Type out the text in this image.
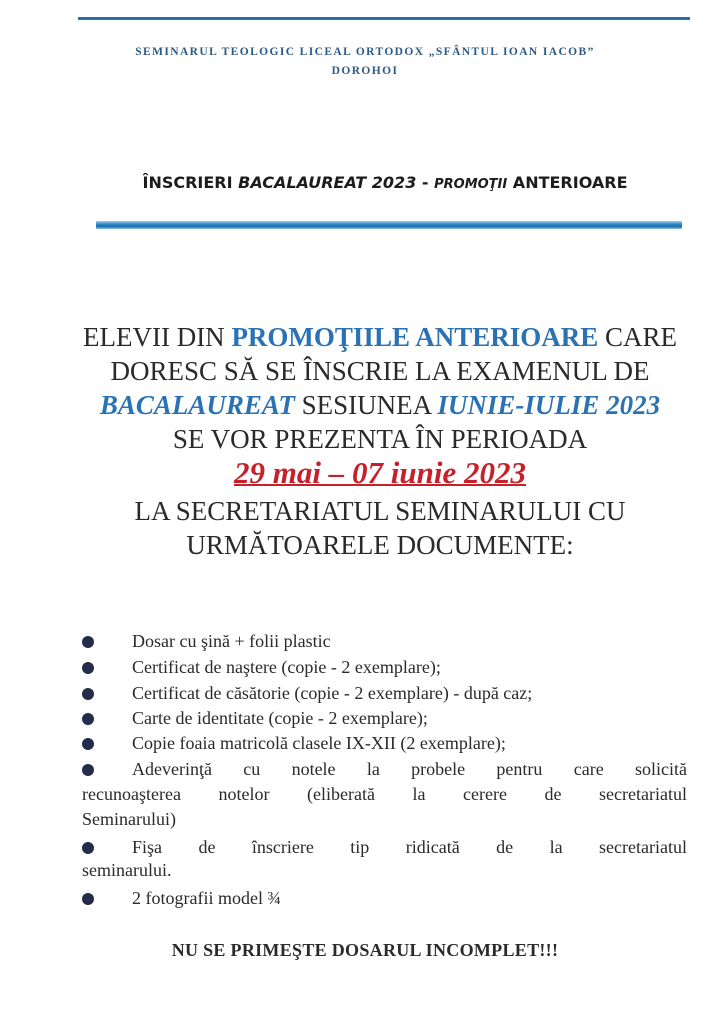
SEMINARUL TEOLOGIC LICEAL ORTODOX „SFÂNTUL IOAN IACOB”
DOROHOI
ÎNSCRIERI BACALAUREAT 2023 - PROMOŢII ANTERIOARE
ELEVII DIN PROMOŢIILE ANTERIOARE CARE
DORESC SĂ SE ÎNSCRIE LA EXAMENUL DE
BACALAUREAT SESIUNEA IUNIE-IULIE 2023
SE VOR PREZENTA ÎN PERIOADA
29 mai – 07 iunie 2023
LA SECRETARIATUL SEMINARULUI CU
URMĂTOARELE DOCUMENTE:
Dosar cu şină + folii plastic
Certificat de naştere (copie - 2 exemplare);
Certificat de căsătorie (copie - 2 exemplare) - după caz;
Carte de identitate (copie - 2 exemplare);
Copie foaia matricolă clasele IX-XII (2 exemplare);
Adeverinţă cu notele la probele pentru care solicită
recunoaşterea notelor (eliberată la cerere de secretariatul
Seminarului)
Fişa de înscriere tip ridicată de la secretariatul
seminarului.
2 fotografii model ¾
NU SE PRIMEŞTE DOSARUL INCOMPLET!!!
